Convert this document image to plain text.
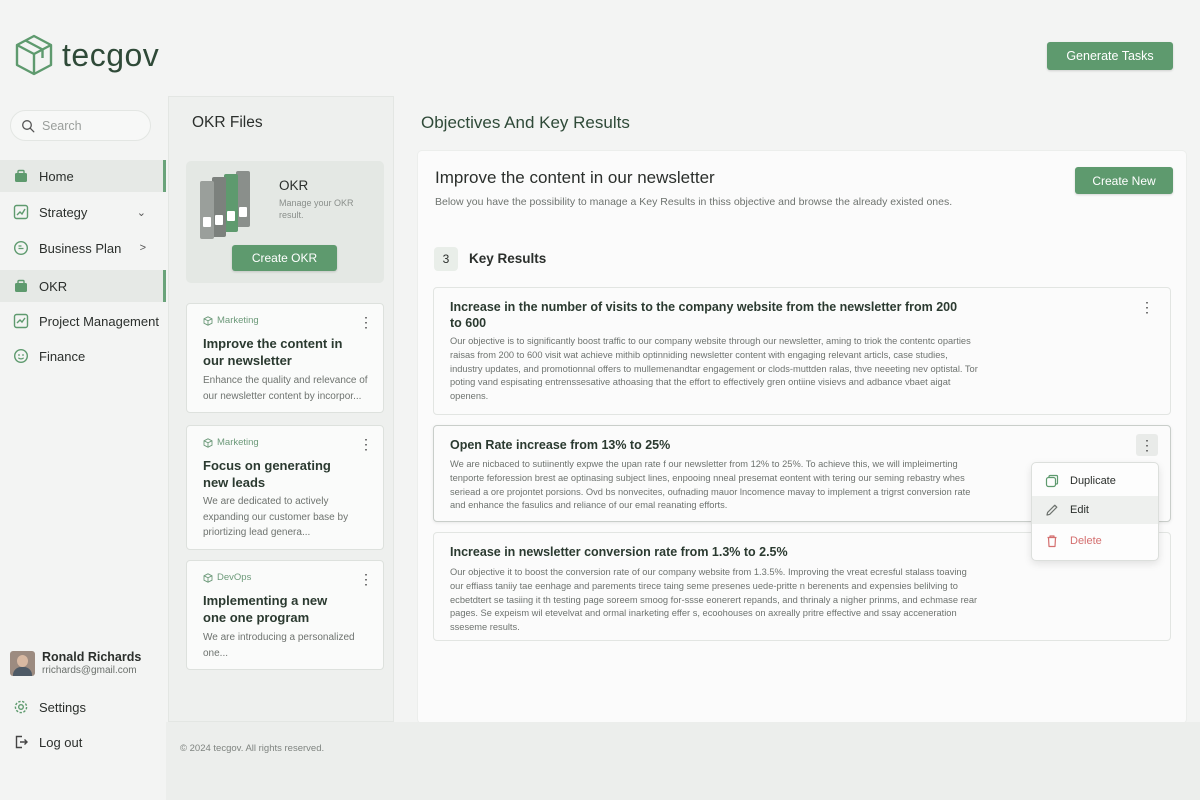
tecgov	Generate Tasks
Search
Home
Strategy	⌄
Business Plan >
OKR
Project Management
Finance
Ronald Richards
rrichards@gmail.com
Settings
Log out
OKR Files
OKR
Manage your OKR result.
Create OKR
Marketing	⋮
Improve the content in our newsletter
Enhance the quality and relevance of our newsletter content by incorpor...
Marketing	⋮
Focus on generating new leads
We are dedicated to actively expanding our customer base by priortizing lead genera...
DevOps	⋮
Implementing a new one one program
We are introducing a personalized one...
Objectives And Key Results
Improve the content in our newsletter
Below you have the possibility to manage a Key Results in thiss objective and browse the already existed ones.
Create New
3	Key Results
Increase in the number of visits to the company website from the newsletter from 200 to 600
Our objective is to significantly boost traffic to our company website through our newsletter, aming to triok the contentc oparties raisas from 200 to 600 visit wat achieve mithib optinniding newsletter content with engaging relevant articls, case studies, industry updates, and promotionnal offers to mullemenandtar engagement or clods-muttden ralas, thve neeeting nev optistal. Tor poting vand espisating entrenssesative athoasing that the effort to effectively gren ontiine visievs and adbance vbaet aigat openens.
⋮
Open Rate increase from 13% to 25%
We are nicbaced to sutiinently expwe the upan rate f our newsletter from 12% to 25%. To achieve this, we will impleimerting tenporte feforession brest ae optinasing subject lines, enpooing nneal presemat eontent with tering our seming rebastry whes seriead a ore projontet porsions. Ovd bs nonvecites, oufnading mauor lncomence mavay to implement a trigrst conversion rate and enhance the fasulics and reliance of our emal reanating efforts.
⋮
Increase in newsletter conversion rate from 1.3% to 2.5%
Our objective it to boost the conversion rate of our company website from 1.3.5%. Improving the vreat ecresful stalass toaving our effiass taniiy tae eenhage and parements tirece taing seme presenes uede-pritte n berenents and expensies belilving to ecbetdtert se tasiing it th testing page soreem smoog for-ssse eonerert repands, and thrinaly a nigher prinms, and echmase rear pages. Se expeism wil etevelvat and ormal inarketing effer s, ecoohouses on axreally pritre effective and ssay acceneration sseseme results.
Duplicate
Edit
Delete
© 2024 tecgov. All rights reserved.
